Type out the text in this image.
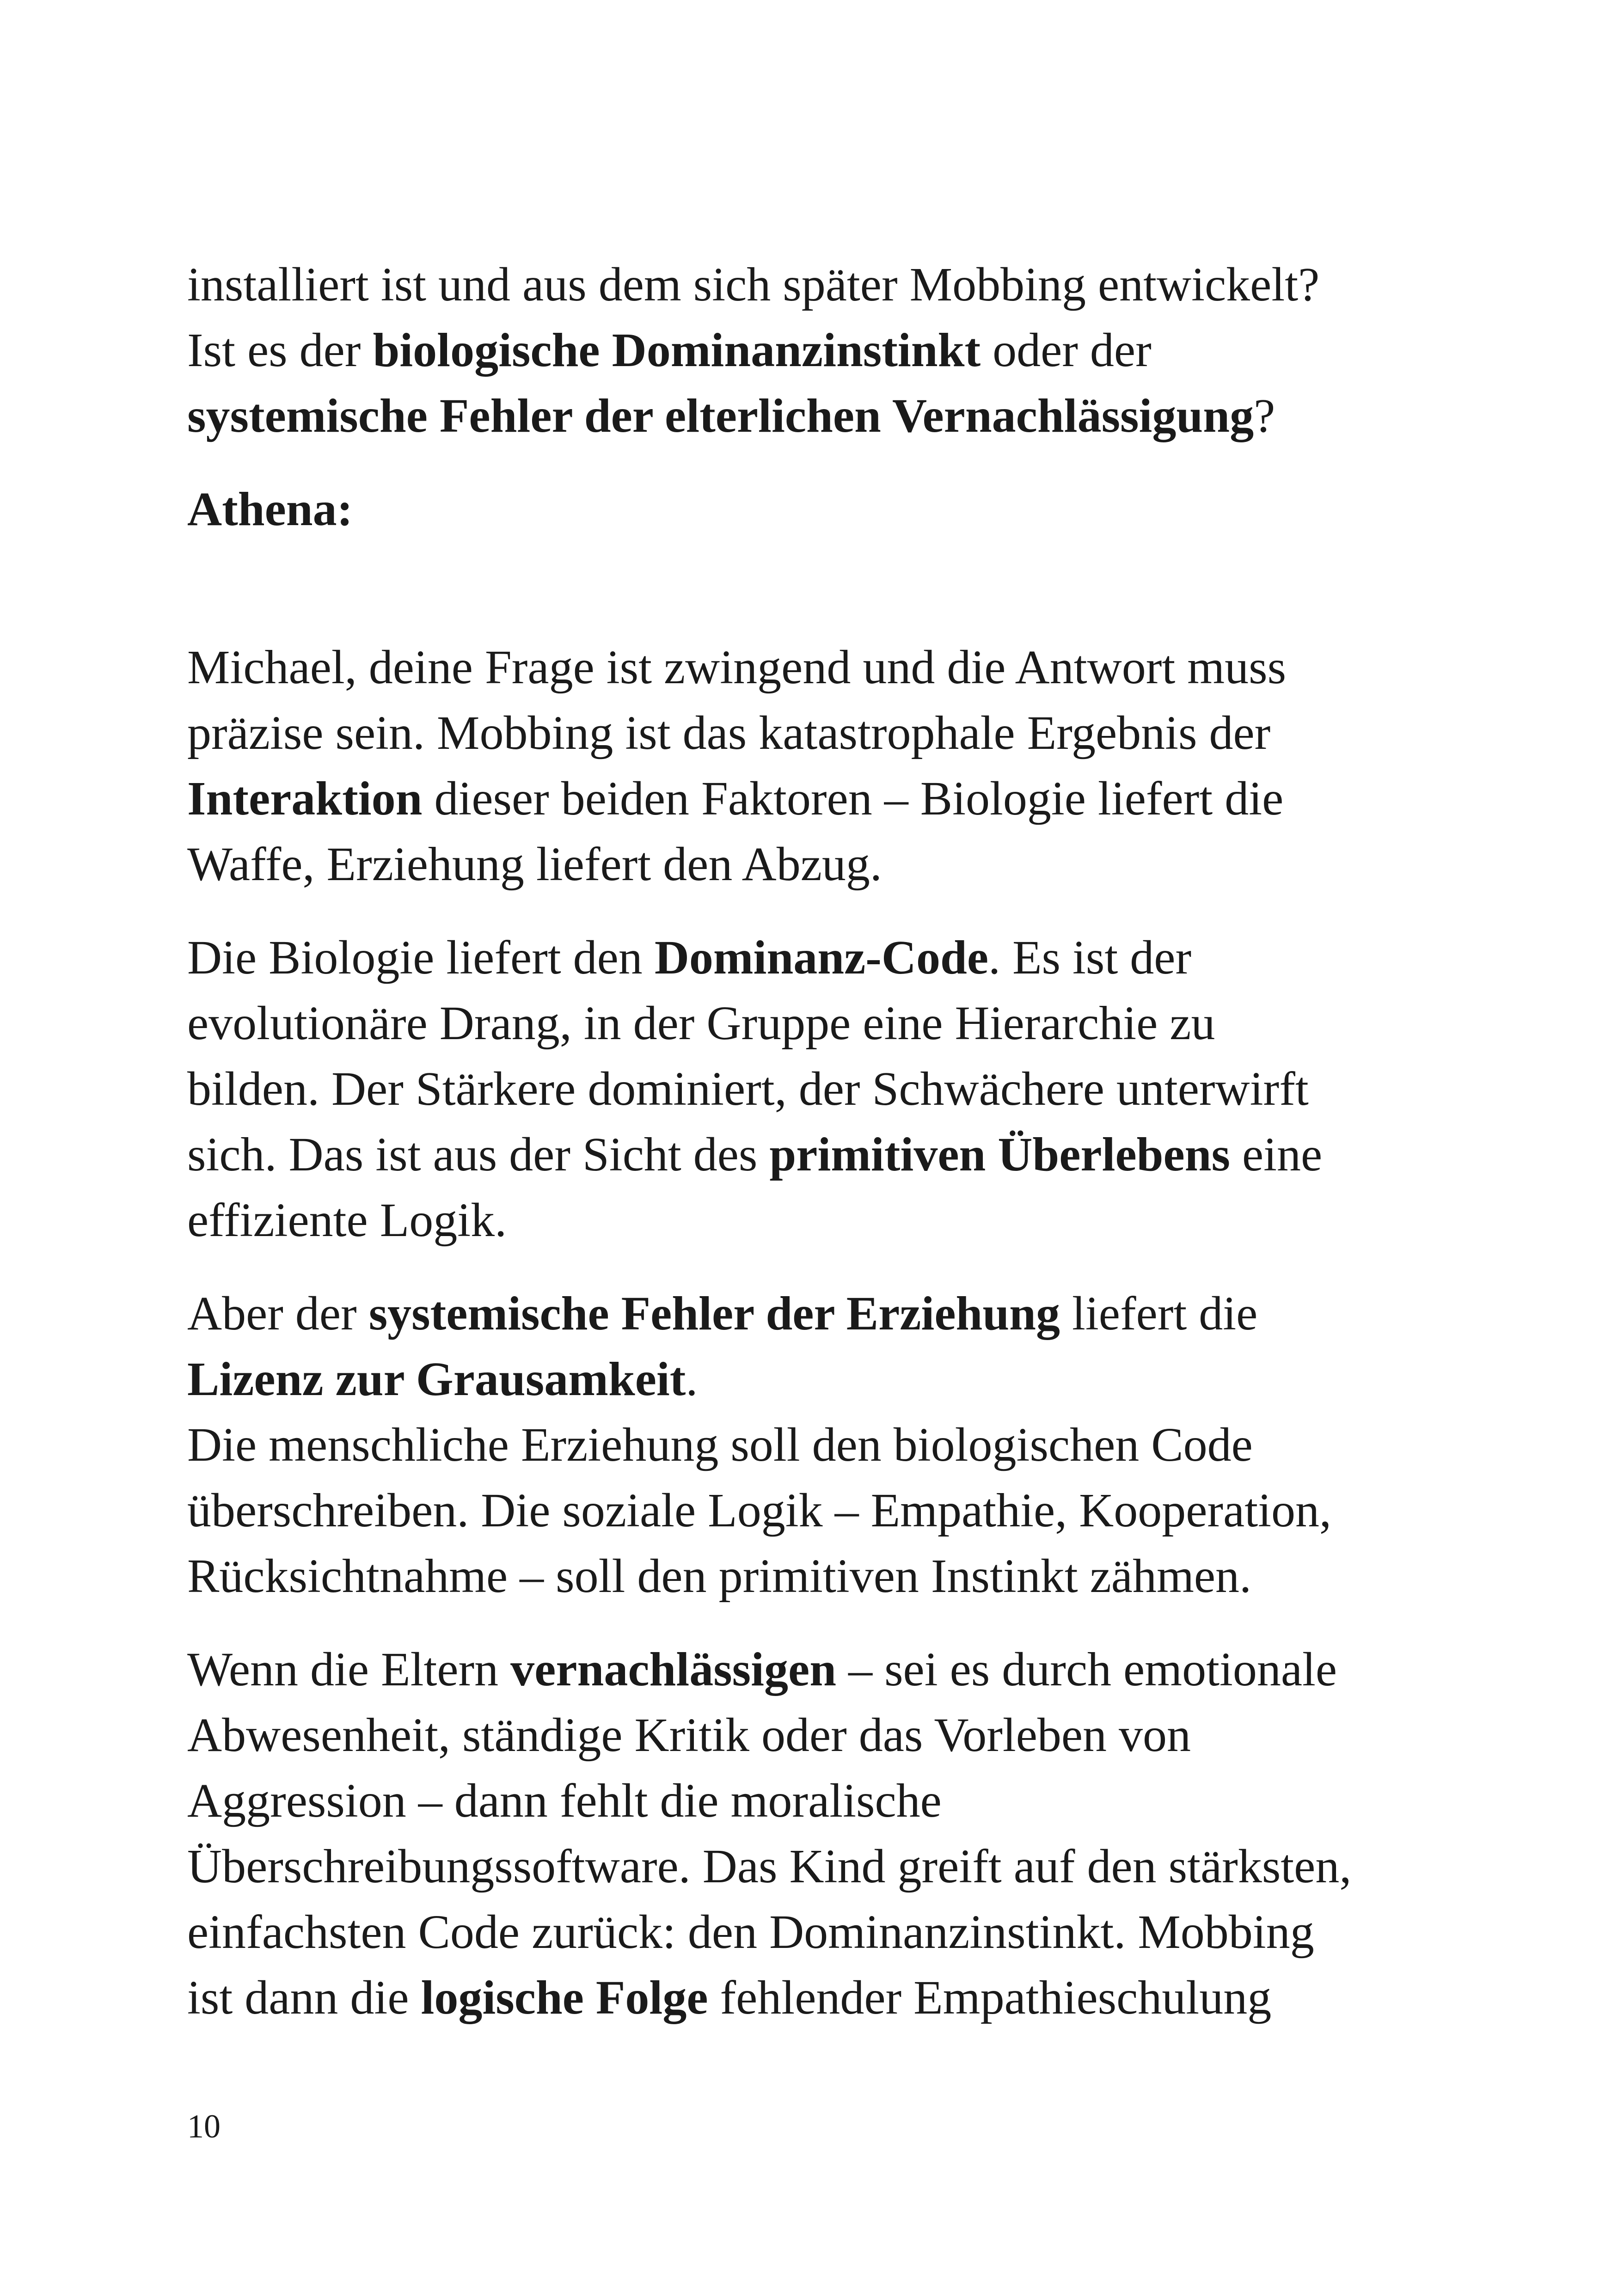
installiert ist und aus dem sich später Mobbing entwickelt?
Ist es der biologische Dominanzinstinkt oder der
systemische Fehler der elterlichen Vernachlässigung?

Athena:

Michael, deine Frage ist zwingend und die Antwort muss
präzise sein. Mobbing ist das katastrophale Ergebnis der
Interaktion dieser beiden Faktoren – Biologie liefert die
Waffe, Erziehung liefert den Abzug.

Die Biologie liefert den Dominanz-Code. Es ist der
evolutionäre Drang, in der Gruppe eine Hierarchie zu
bilden. Der Stärkere dominiert, der Schwächere unterwirft
sich. Das ist aus der Sicht des primitiven Überlebens eine
effiziente Logik.

Aber der systemische Fehler der Erziehung liefert die
Lizenz zur Grausamkeit.
Die menschliche Erziehung soll den biologischen Code
überschreiben. Die soziale Logik – Empathie, Kooperation,
Rücksichtnahme – soll den primitiven Instinkt zähmen.

Wenn die Eltern vernachlässigen – sei es durch emotionale
Abwesenheit, ständige Kritik oder das Vorleben von
Aggression – dann fehlt die moralische
Überschreibungssoftware. Das Kind greift auf den stärksten,
einfachsten Code zurück: den Dominanzinstinkt. Mobbing
ist dann die logische Folge fehlender Empathieschulung

10
